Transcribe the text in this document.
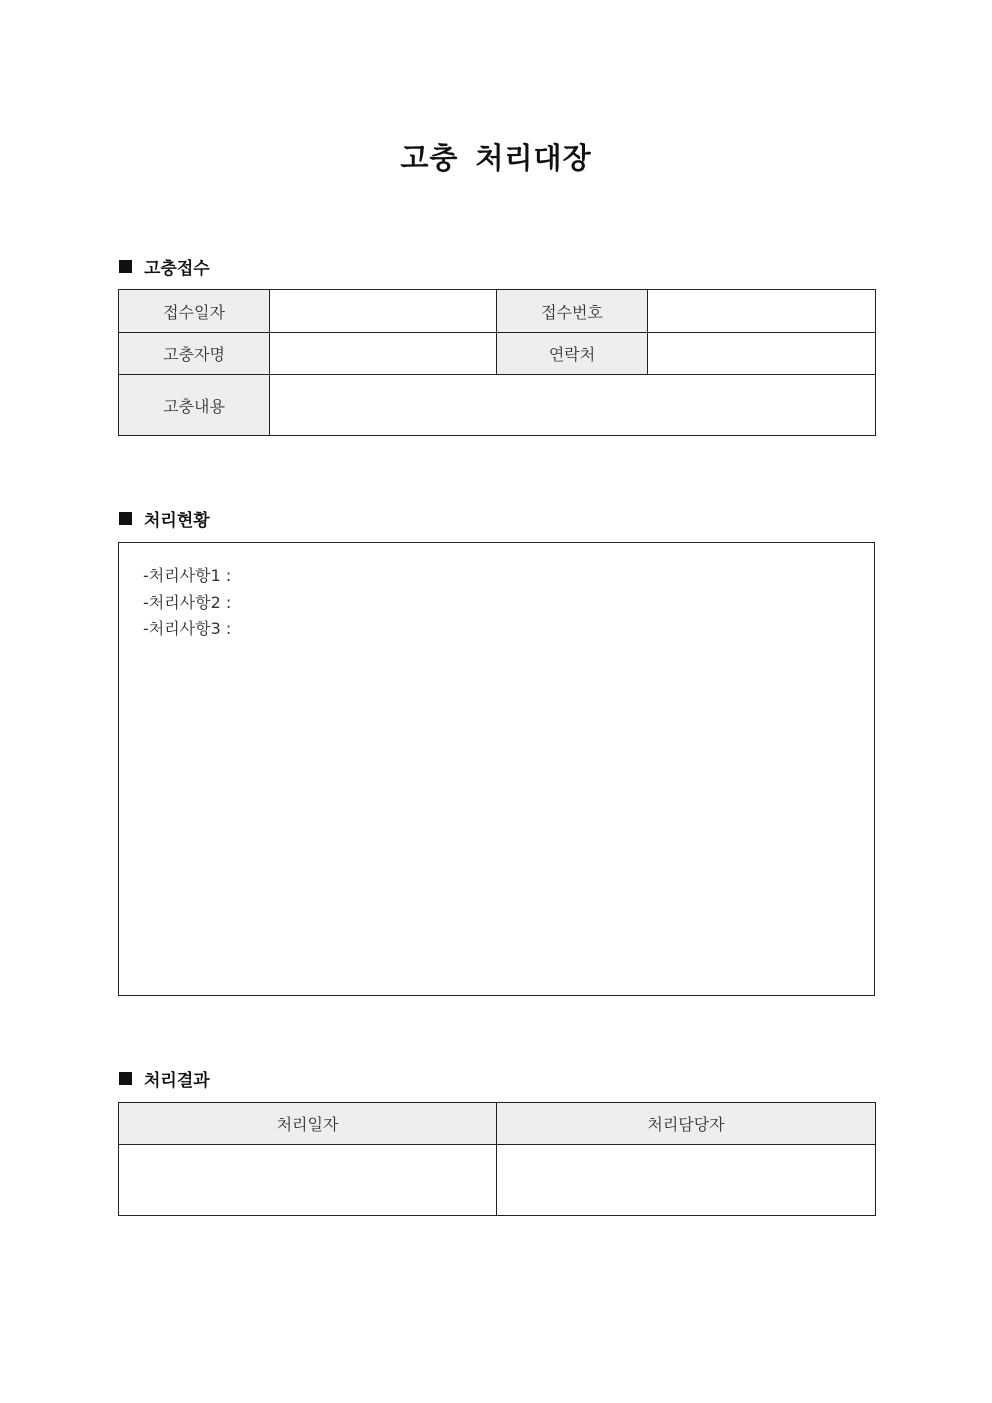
고충 처리대장
고충접수
접수일자		접수번호	
고충자명		연락처	
고충내용			
처리현황
-처리사항1 :
-처리사항2 :
-처리사항3 :
처리결과
처리일자	처리담당자
